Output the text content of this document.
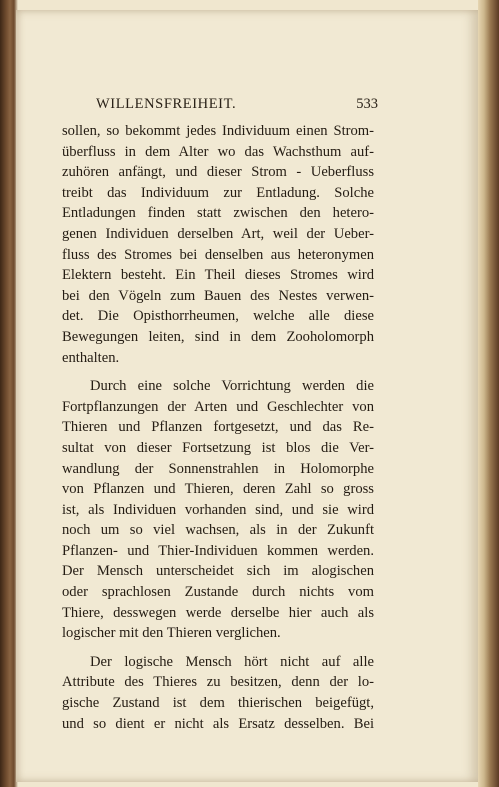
WILLENSFREIHEIT.	533
sollen, so bekommt jedes Individuum einen Strom-
überfluss in dem Alter wo das Wachsthum auf-
zuhören anfängt, und dieser Strom - Ueberfluss
treibt das Individuum zur Entladung. Solche
Entladungen finden statt zwischen den hetero-
genen Individuen derselben Art, weil der Ueber-
fluss des Stromes bei denselben aus heteronymen
Elektern besteht. Ein Theil dieses Stromes wird
bei den Vögeln zum Bauen des Nestes verwen-
det. Die Opisthorrheumen, welche alle diese
Bewegungen leiten, sind in dem Zooholomorph
enthalten.
Durch eine solche Vorrichtung werden die
Fortpflanzungen der Arten und Geschlechter von
Thieren und Pflanzen fortgesetzt, und das Re-
sultat von dieser Fortsetzung ist blos die Ver-
wandlung der Sonnenstrahlen in Holomorphe
von Pflanzen und Thieren, deren Zahl so gross
ist, als Individuen vorhanden sind, und sie wird
noch um so viel wachsen, als in der Zukunft
Pflanzen- und Thier-Individuen kommen werden.
Der Mensch unterscheidet sich im alogischen
oder sprachlosen Zustande durch nichts vom
Thiere, desswegen werde derselbe hier auch als
logischer mit den Thieren verglichen.
Der logische Mensch hört nicht auf alle
Attribute des Thieres zu besitzen, denn der lo-
gische Zustand ist dem thierischen beigefügt,
und so dient er nicht als Ersatz desselben. Bei
